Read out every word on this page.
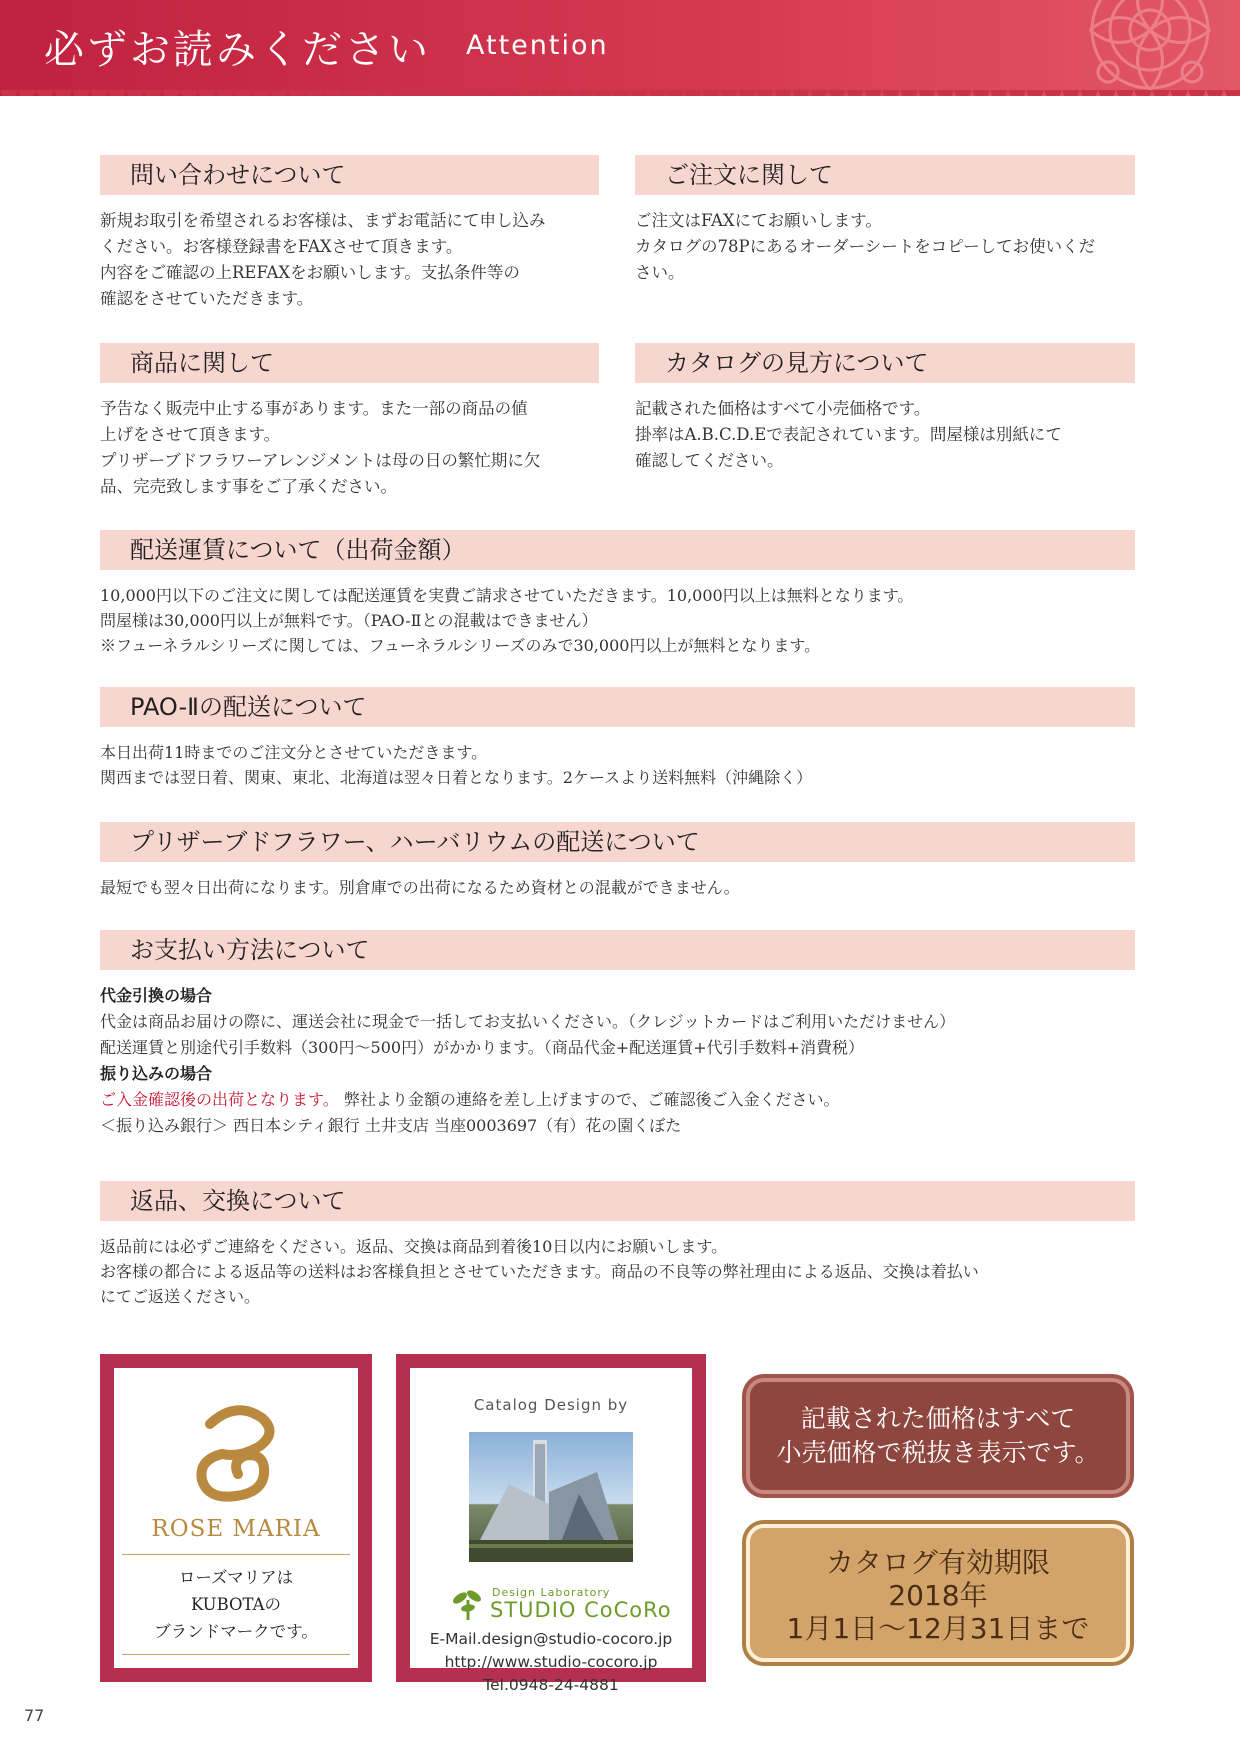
必ずお読みください Attention
問い合わせについて

新規お取引を希望されるお客様は、まずお電話にて申し込み

ください。お客様登録書をFAXさせて頂きます。

内容をご確認の上REFAXをお願いします。支払条件等の

確認をさせていただきます。

ご注文に関して

ご注文はFAXにてお願いします。

カタログの78Pにあるオーダーシートをコピーしてお使いくだ

さい。

商品に関して

予告なく販売中止する事があります。また一部の商品の値

上げをさせて頂きます。

プリザーブドフラワーアレンジメントは母の日の繁忙期に欠

品、完売致します事をご了承ください。

カタログの見方について

記載された価格はすべて小売価格です。

掛率はA.B.C.D.Eで表記されています。問屋様は別紙にて

確認してください。

配送運賃について（出荷金額）

10,000円以下のご注文に関しては配送運賃を実費ご請求させていただきます。10,000円以上は無料となります。

問屋様は30,000円以上が無料です。（PAO-Ⅱとの混載はできません）

※フューネラルシリーズに関しては、フューネラルシリーズのみで30,000円以上が無料となります。

PAO-Ⅱの配送について

本日出荷11時までのご注文分とさせていただきます。

関西までは翌日着、関東、東北、北海道は翌々日着となります。2ケースより送料無料（沖縄除く）

プリザーブドフラワー、ハーバリウムの配送について

最短でも翌々日出荷になります。別倉庫での出荷になるため資材との混載ができません。

お支払い方法について

代金引換の場合

代金は商品お届けの際に、運送会社に現金で一括してお支払いください。（クレジットカードはご利用いただけません）

配送運賃と別途代引手数料（300円〜500円）がかかります。（商品代金+配送運賃+代引手数料+消費税）

振り込みの場合

ご入金確認後の出荷となります。 弊社より金額の連絡を差し上げますので、ご確認後ご入金ください。

＜振り込み銀行＞ 西日本シティ銀行 土井支店 当座0003697（有）花の園くぼた

返品、交換について

返品前には必ずご連絡をください。返品、交換は商品到着後10日以内にお願いします。

お客様の都合による返品等の送料はお客様負担とさせていただきます。商品の不良等の弊社理由による返品、交換は着払い

にてご返送ください。

ROSE MARIA
ローズマリアは
KUBOTAの
ブランドマークです。
Catalog Design by
Design Laboratory
STUDIO CoCoRo
E-Mail.design@studio-cocoro.jp
http://www.studio-cocoro.jp
Tel.0948-24-4881
記載された価格はすべて
小売価格で税抜き表示です。
カタログ有効期限
2018年
1月1日〜12月31日まで
77
